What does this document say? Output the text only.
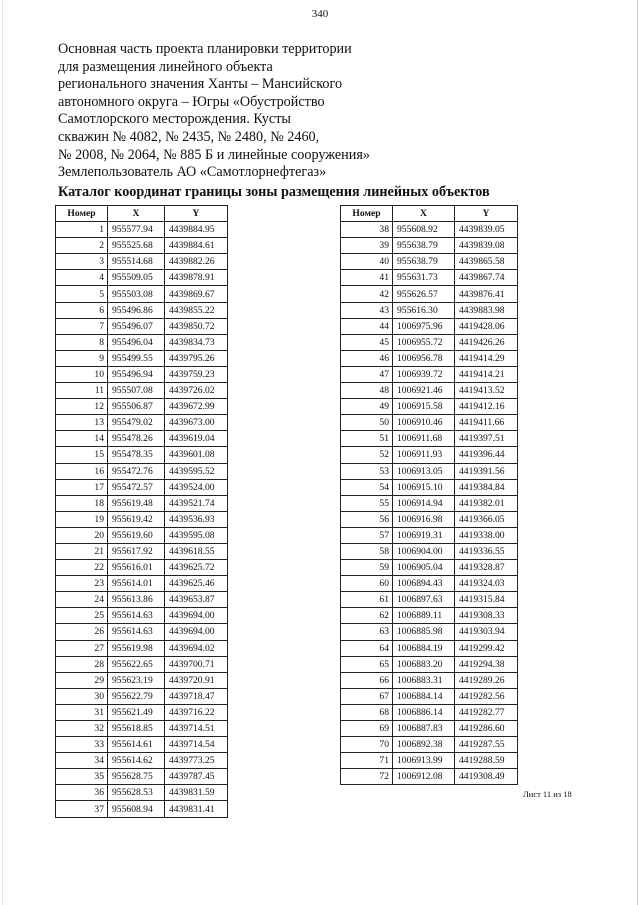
340
Основная часть проекта планировки территории
для размещения линейного объекта
регионального значения Ханты – Мансийского
автономного округа – Югры «Обустройство
Самотлорского месторождения. Кусты
скважин № 4082, № 2435, № 2480, № 2460,
№ 2008, № 2064, № 885 Б и линейные сооружения»
Землепользователь АО «Самотлорнефтегаз»
Каталог координат границы зоны размещения линейных объектов
Номер	X	Y
1	955577.94	4439884.95
2	955525.68	4439884.61
3	955514.68	4439882.26
4	955509.05	4439878.91
5	955503.08	4439869.67
6	955496.86	4439855.22
7	955496.07	4439850.72
8	955496.04	4439834.73
9	955499.55	4439795.26
10	955496.94	4439759.23
11	955507.08	4439726.02
12	955506.87	4439672.99
13	955479.02	4439673.00
14	955478.26	4439619.04
15	955478.35	4439601.08
16	955472.76	4439595.52
17	955472.57	4439524.00
18	955619.48	4439521.74
19	955619.42	4439536.93
20	955619.60	4439595.08
21	955617.92	4439618.55
22	955616.01	4439625.72
23	955614.01	4439625.46
24	955613.86	4439653.87
25	955614.63	4439694.00
26	955614.63	4439694.00
27	955619.98	4439694.02
28	955622.65	4439700.71
29	955623.19	4439720.91
30	955622.79	4439718.47
31	955621.49	4439716.22
32	955618.85	4439714.51
33	955614.61	4439714.54
34	955614.62	4439773.25
35	955628.75	4439787.45
36	955628.53	4439831.59
37	955608.94	4439831.41
Номер	X	Y
38	955608.92	4439839.05
39	955638.79	4439839.08
40	955638.79	4439865.58
41	955631.73	4439867.74
42	955626.57	4439876.41
43	955616.30	4439883.98
44	1006975.96	4419428.06
45	1006955.72	4419426.26
46	1006956.78	4419414.29
47	1006939.72	4419414.21
48	1006921.46	4419413.52
49	1006915.58	4419412.16
50	1006910.46	4419411.66
51	1006911.68	4419397.51
52	1006911.93	4419396.44
53	1006913.05	4419391.56
54	1006915.10	4419384.84
55	1006914.94	4419382.01
56	1006916.98	4419366.05
57	1006919.31	4419338.00
58	1006904.00	4419336.55
59	1006905.04	4419328.87
60	1006894.43	4419324.03
61	1006897.63	4419315.84
62	1006889.11	4419308.33
63	1006885.98	4419303.94
64	1006884.19	4419299.42
65	1006883.20	4419294.38
66	1006883.31	4419289.26
67	1006884.14	4419282.56
68	1006886.14	4419282.77
69	1006887.83	4419286.60
70	1006892.38	4419287.55
71	1006913.99	4419288.59
72	1006912.08	4419308.49
Лист 11 из 18
